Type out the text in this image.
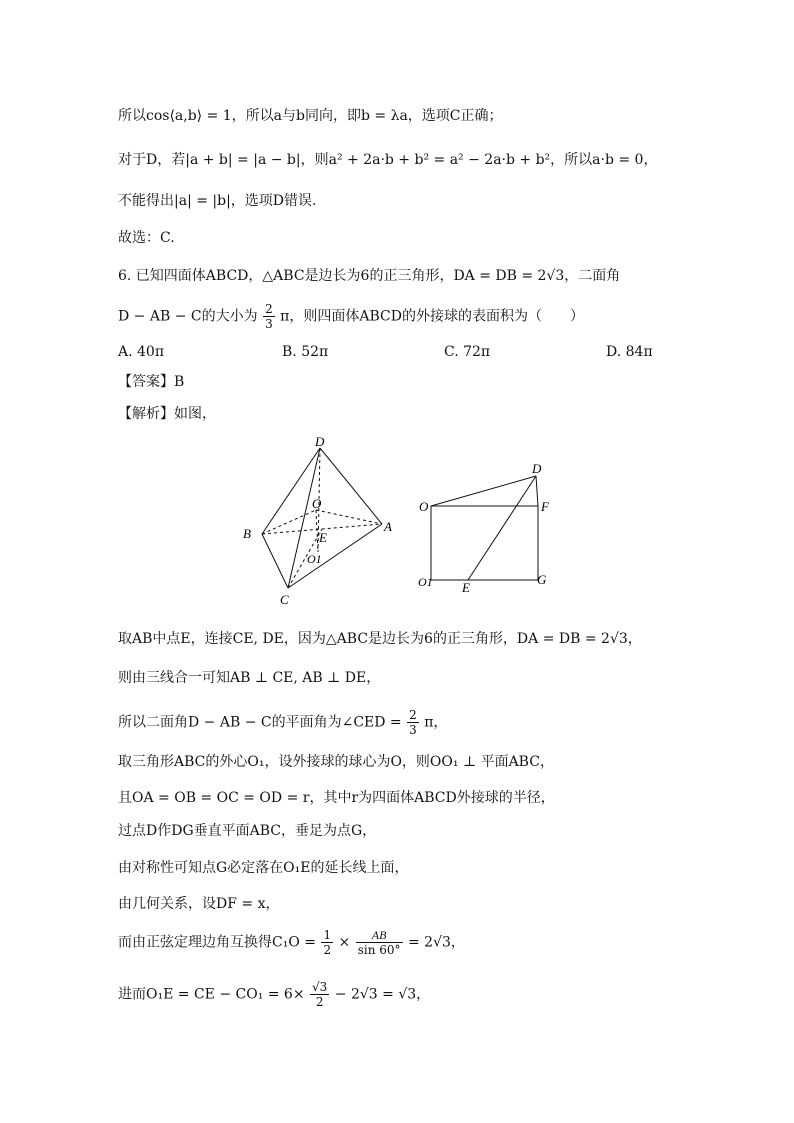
所以cos⟨a,b⟩ = 1，所以a与b同向，即b = λa，选项C正确；
对于D，若|a + b| = |a − b|，则a² + 2a·b + b² = a² − 2a·b + b²，所以a·b = 0，
不能得出|a| = |b|，选项D错误.
故选：C.
6. 已知四面体ABCD，△ABC是边长为6的正三角形，DA = DB = 2√3，二面角
D − AB − C的大小为 $\frac{2}{3}$ π，则四面体ABCD的外接球的表面积为（　　）
A. 40π	B. 52π	C. 72π	D. 84π
【答案】B
【解析】如图，
D
O
B	A
E
O1
C
D
O	F
O1 E
G
取AB中点E，连接CE, DE，因为△ABC是边长为6的正三角形，DA = DB = 2√3，
则由三线合一可知AB ⊥ CE, AB ⊥ DE，
所以二面角D − AB − C的平面角为∠CED = $\frac{2}{3}$ π，
取三角形ABC的外心O₁，设外接球的球心为O，则OO₁ ⊥ 平面ABC，
且OA = OB = OC = OD = r，其中r为四面体ABCD外接球的半径，
过点D作DG垂直平面ABC，垂足为点G，
由对称性可知点G必定落在O₁E的延长线上面，
由几何关系，设DF = x，
而由正弦定理边角互换得$C_1O = \frac{1}{2} \times \frac{AB}{\sin 60^\circ} = 2√3$，
进而O₁E = CE − $CO_1 = 6\times \frac{√3}{2} - 2√3 = √3$，
